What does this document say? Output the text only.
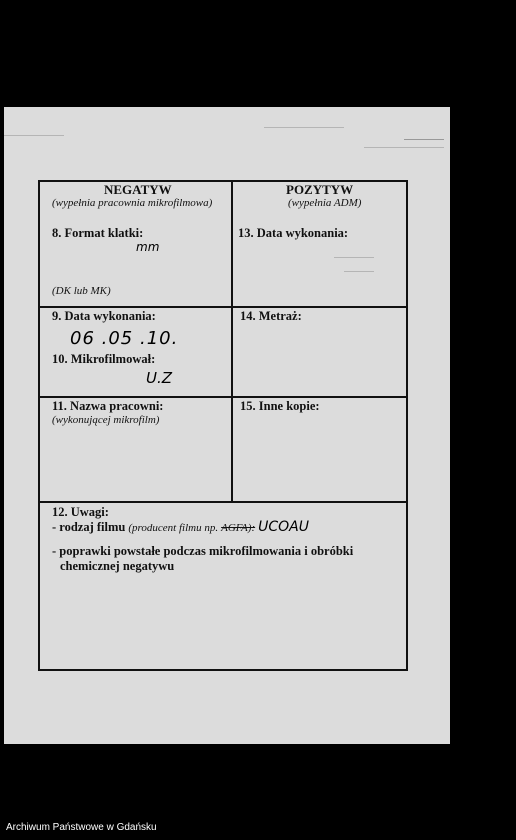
NEGATYW
(wypełnia pracownia mikrofilmowa)
8. Format klatki:
mm
(DK lub MK)
9. Data wykonania:
06 .05 .10.
10. Mikrofilmował:
U.Z
11. Nazwa pracowni:
(wykonującej mikrofilm)
POZYTYW
(wypełnia ADM)
13. Data wykonania:
14. Metraż:
15. Inne kopie:
12. Uwagi:
- rodzaj filmu (producent filmu np. AGFA): UCOAU
- poprawki powstałe podczas mikrofilmowania i obróbki
chemicznej negatywu
Archiwum Państwowe w Gdańsku
